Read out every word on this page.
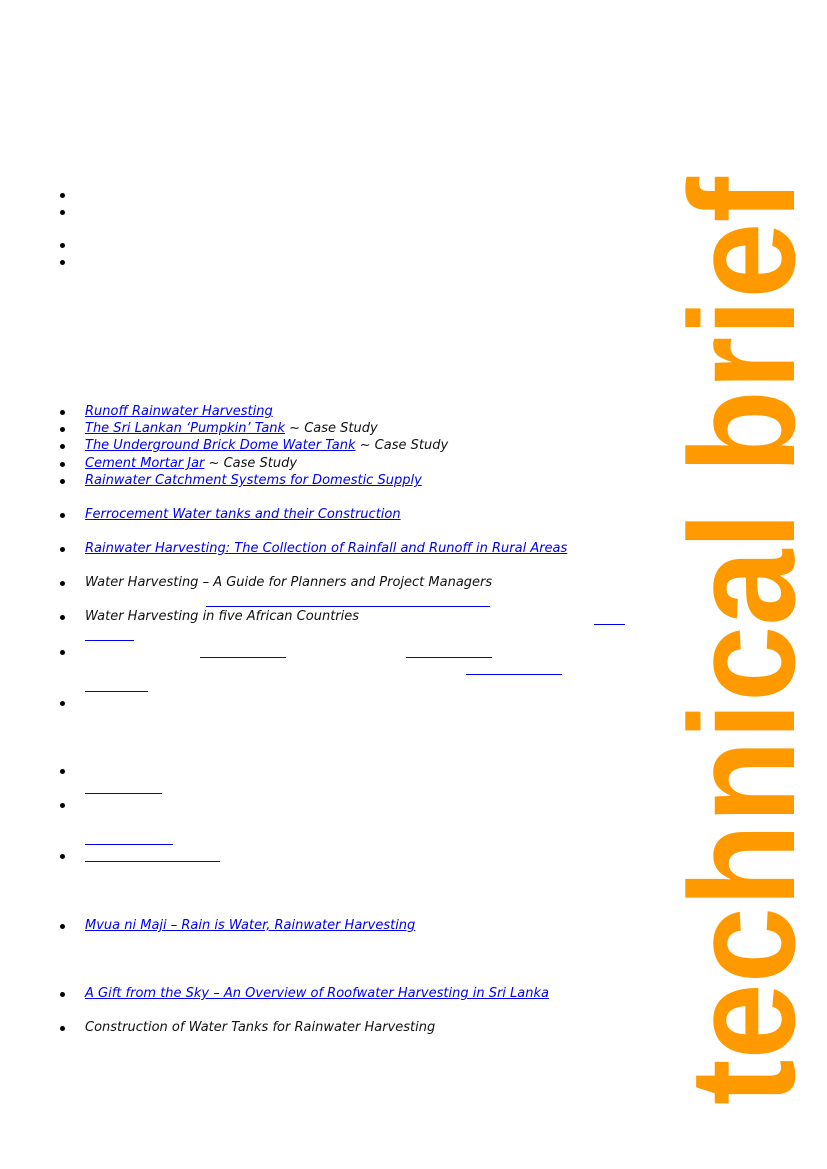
Runoff Rainwater Harvesting
The Sri Lankan ‘Pumpkin’ Tank ~ Case Study
The Underground Brick Dome Water Tank ~ Case Study
Cement Mortar Jar ~ Case Study
Rainwater Catchment Systems for Domestic Supply
Ferrocement Water tanks and their Construction
Rainwater Harvesting: The Collection of Rainfall and Runoff in Rural Areas
Water Harvesting – A Guide for Planners and Project Managers
Water Harvesting in five African Countries
Mvua ni Maji – Rain is Water, Rainwater Harvesting
A Gift from the Sky – An Overview of Roofwater Harvesting in Sri Lanka
Construction of Water Tanks for Rainwater Harvesting technical brief
